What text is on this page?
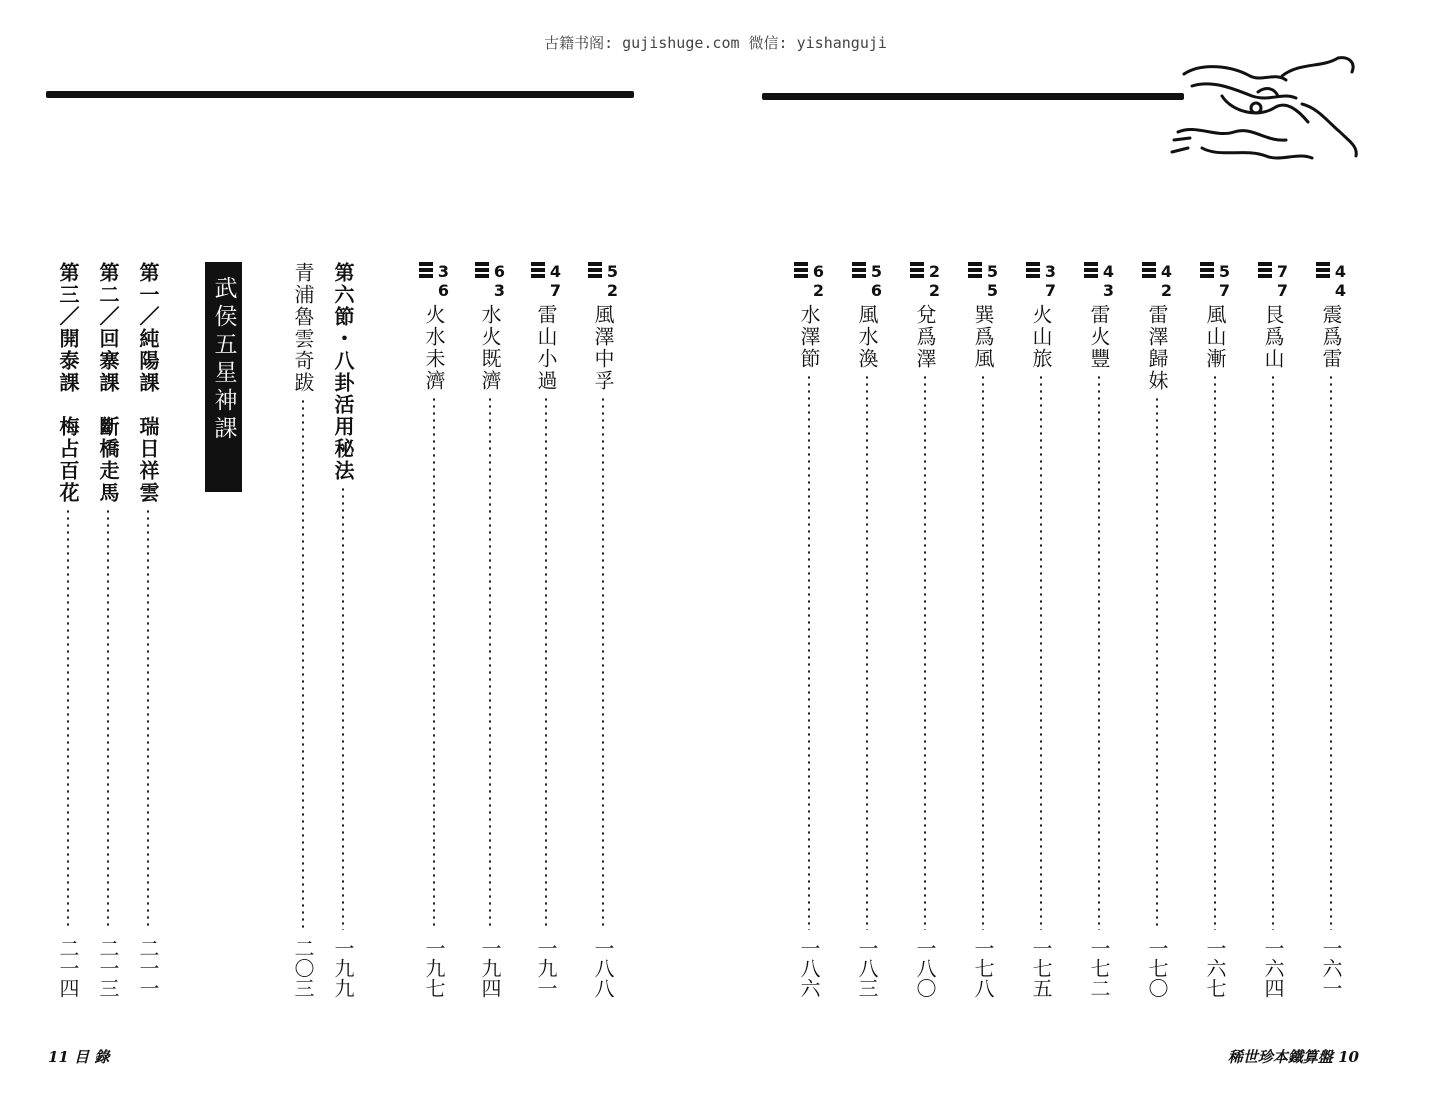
古籍书阁: gujishuge.com 微信: yishanguji
第三／開泰課　梅占百花
二一四
第二／回寨課　斷橋走馬
二一三
第一／純陽課　瑞日祥雲
二一一
武侯五星神課	青浦魯雲奇跋
二〇三
第六節・八卦活用秘法
一九九
3
6
火水未濟
一九七
6
3
水火既濟
一九四
4
7
雷山小過
一九一
5
2
風澤中孚
一八八
11 目 錄
6
2
水澤節
一八六
5
6
風水渙
一八三
2
2
兌爲澤
一八〇
5
5
巽爲風
一七八
3
7
火山旅
一七五
4
3
雷火豐
一七二
4
2
雷澤歸妹
一七〇
5
7
風山漸
一六七
7
7
艮爲山
一六四
4
4
震爲雷
一六一
稀世珍本鐵算盤 10
